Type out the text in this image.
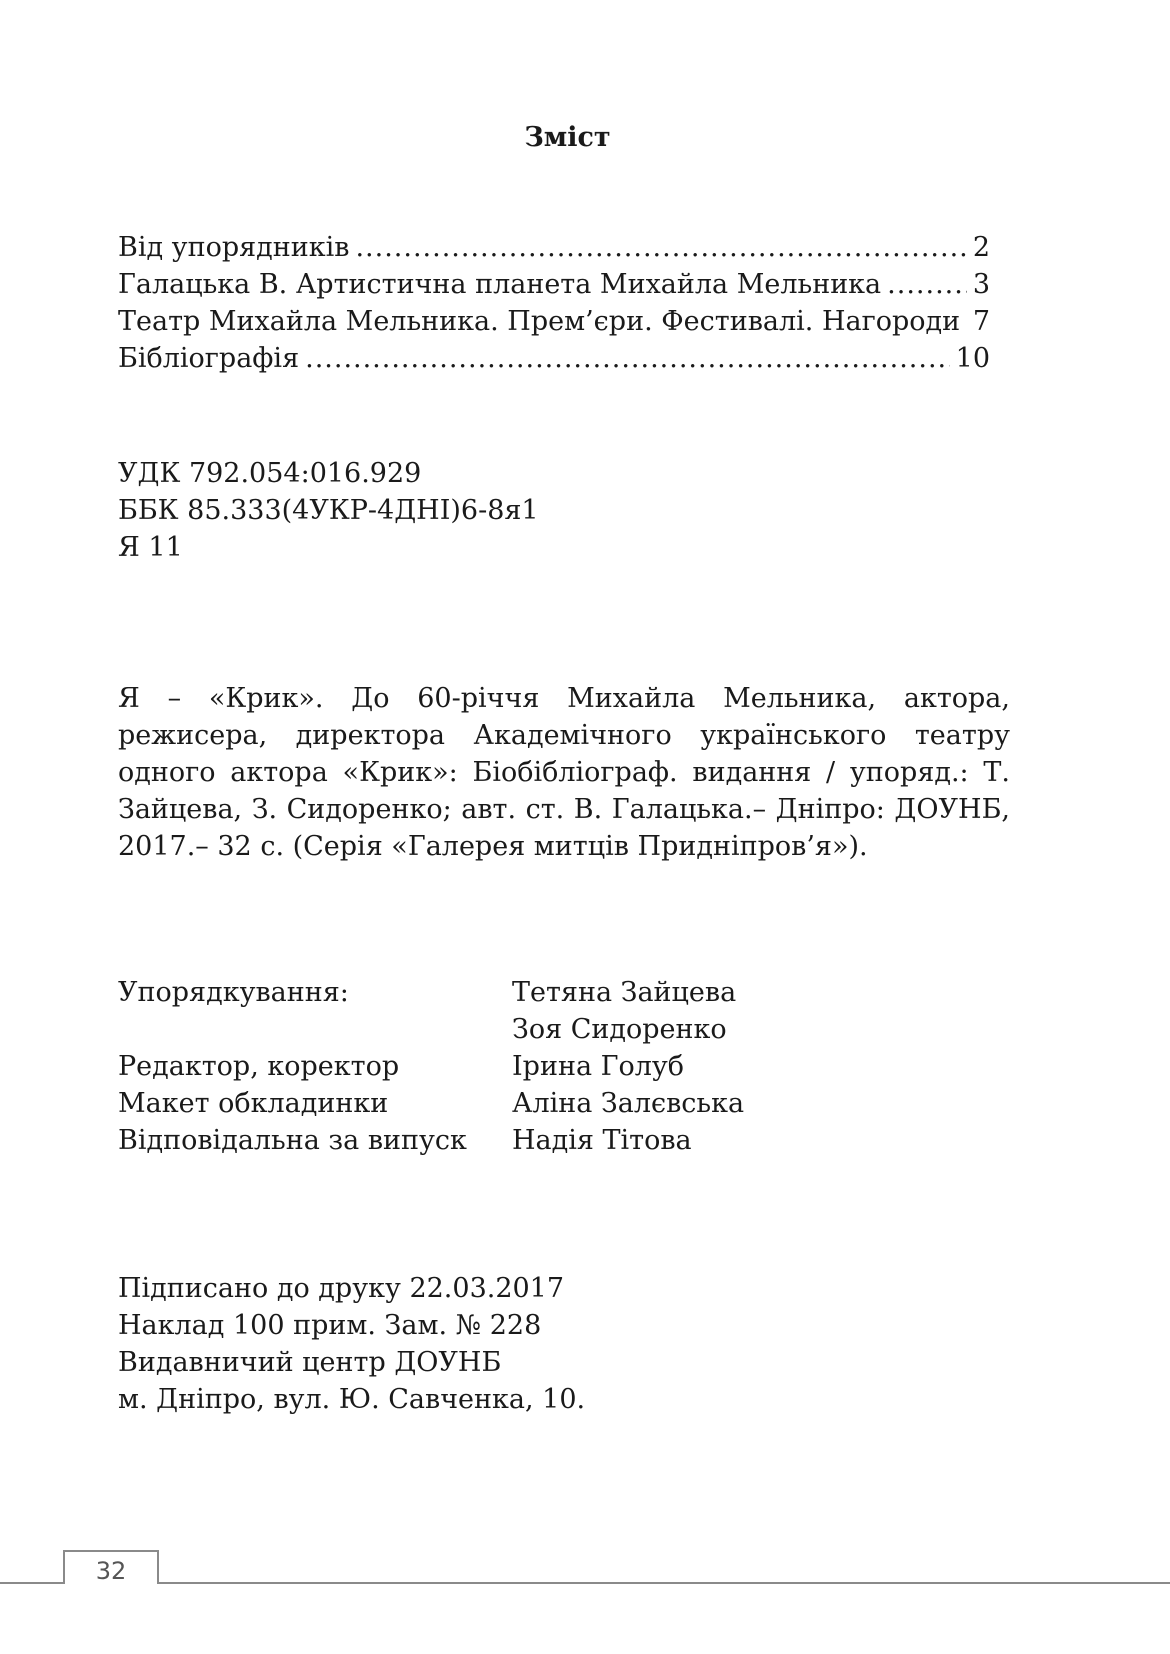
Зміст
Від упорядників .....	2
Галацька В. Артистична планета Михайла Мельника .....	3
Театр Михайла Мельника. Прем’єри. Фестивалі. Нагороди 7
Бібліографія .....	10
УДК 792.054:016.929
ББК 85.333(4УКР-4ДНІ)6-8я1
Я 11
Я – «Крик». До 60-річчя Михайла Мельника, актора, режисера, директора Академічного українського театру одного актора «Крик»: Біобібліограф. видання / упоряд.: Т. Зайцева, З. Сидоренко; авт. ст. В. Галацька.– Дніпро: ДОУНБ, 2017.– 32 с. (Серія «Галерея митців Придніпров’я»).
Упорядкування:	Тетяна Зайцева
Зоя Сидоренко
Редактор, коректор	Ірина Голуб
Макет обкладинки	Аліна Залєвська
Відповідальна за випуск	Надія Тітова
Підписано до друку 22.03.2017
Наклад 100 прим. Зам. № 228
Видавничий центр ДОУНБ
м. Дніпро, вул. Ю. Савченка, 10.
32
